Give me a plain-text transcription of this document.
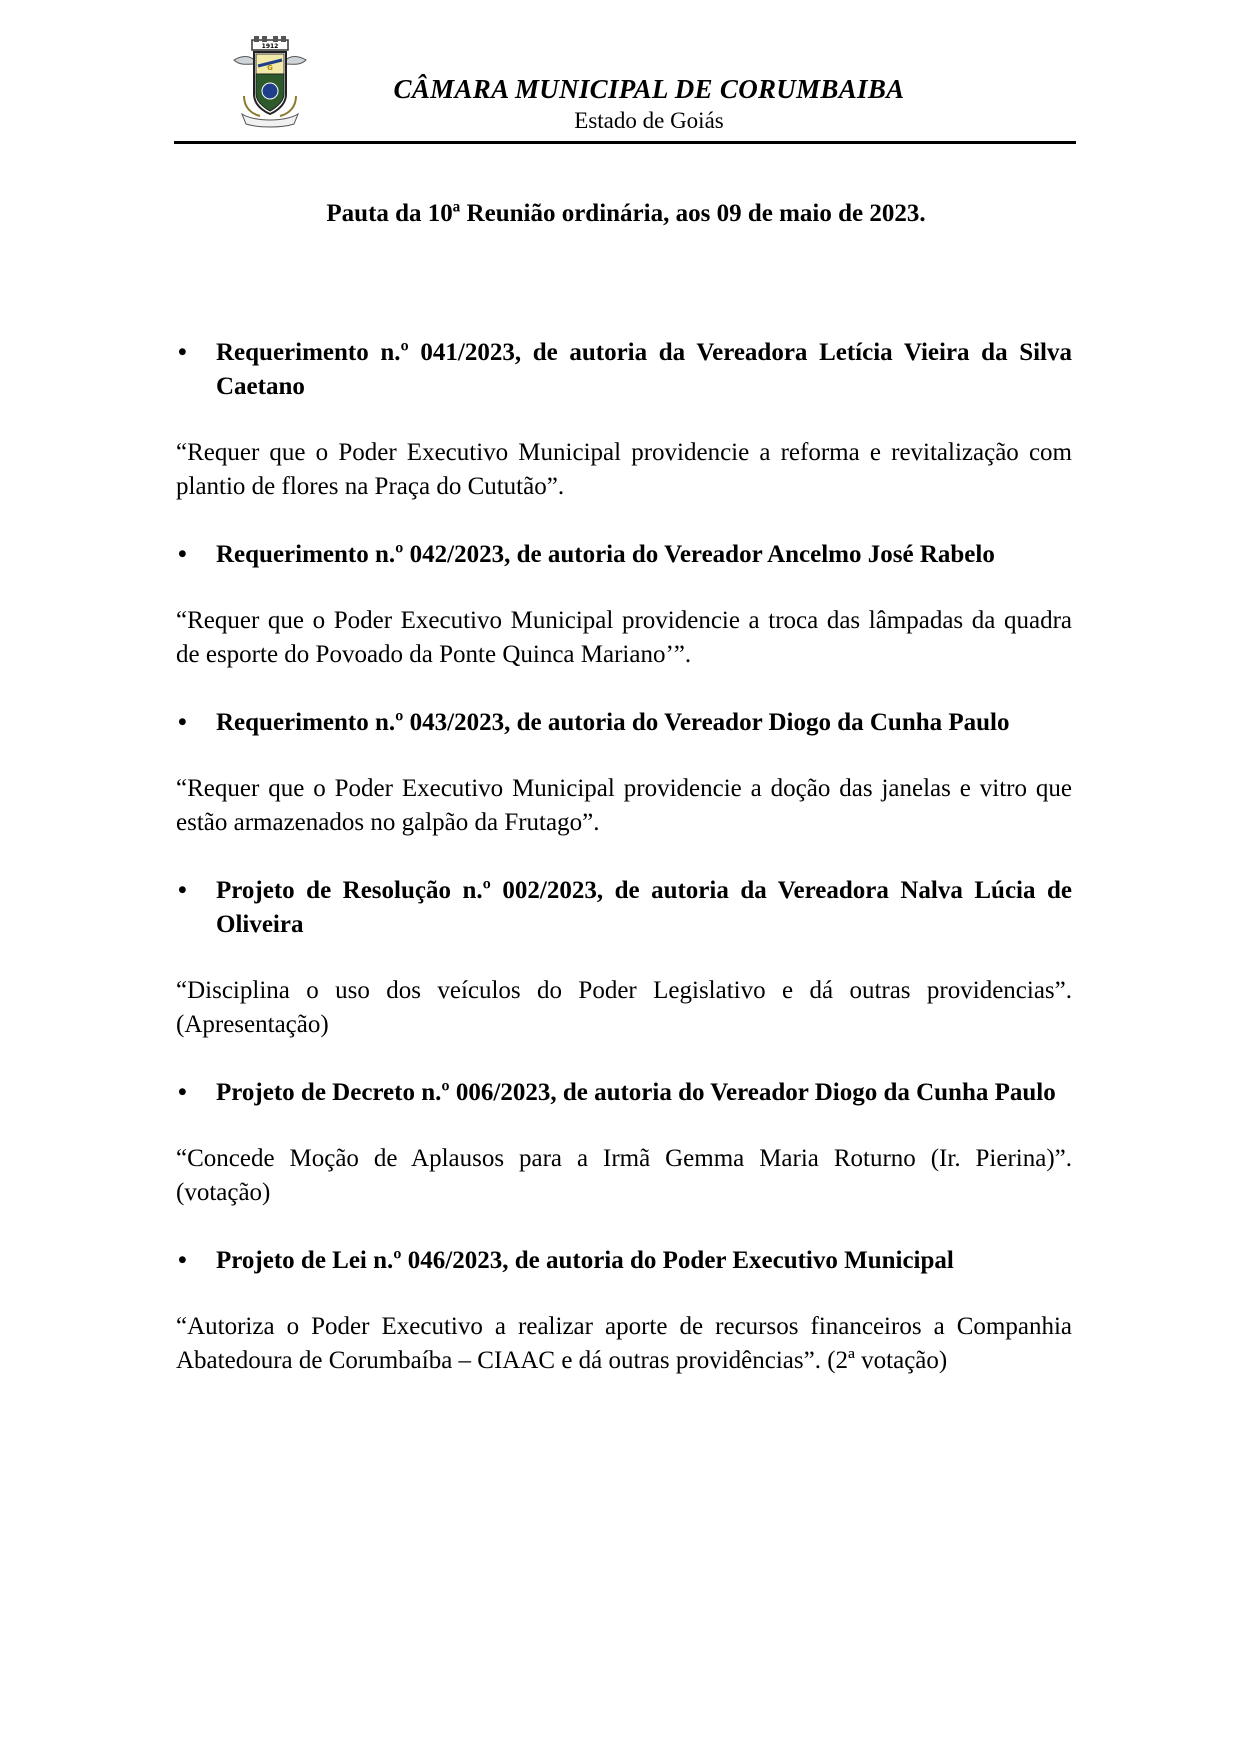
1912
G
CÂMARA MUNICIPAL DE CORUMBAIBA
Estado de Goiás
Pauta da 10ª Reunião ordinária, aos 09 de maio de 2023.

• Requerimento n.º 041/2023, de autoria da Vereadora Letícia Vieira da Silva Caetano

“Requer que o Poder Executivo Municipal providencie a reforma e revitalização com plantio de flores na Praça do Cututão”.

• Requerimento n.º 042/2023, de autoria do Vereador Ancelmo José Rabelo

“Requer que o Poder Executivo Municipal providencie a troca das lâmpadas da quadra de esporte do Povoado da Ponte Quinca Mariano’”.

• Requerimento n.º 043/2023, de autoria do Vereador Diogo da Cunha Paulo

“Requer que o Poder Executivo Municipal providencie a doção das janelas e vitro que estão armazenados no galpão da Frutago”.

• Projeto de Resolução n.º 002/2023, de autoria da Vereadora Nalva Lúcia de Oliveira

“Disciplina o uso dos veículos do Poder Legislativo e dá outras providencias”. (Apresentação)

• Projeto de Decreto n.º 006/2023, de autoria do Vereador Diogo da Cunha Paulo

“Concede Moção de Aplausos para a Irmã Gemma Maria Roturno (Ir. Pierina)”. (votação)

• Projeto de Lei n.º 046/2023, de autoria do Poder Executivo Municipal

“Autoriza o Poder Executivo a realizar aporte de recursos financeiros a Companhia Abatedoura de Corumbaíba – CIAAC e dá outras providências”. (2ª votação)
